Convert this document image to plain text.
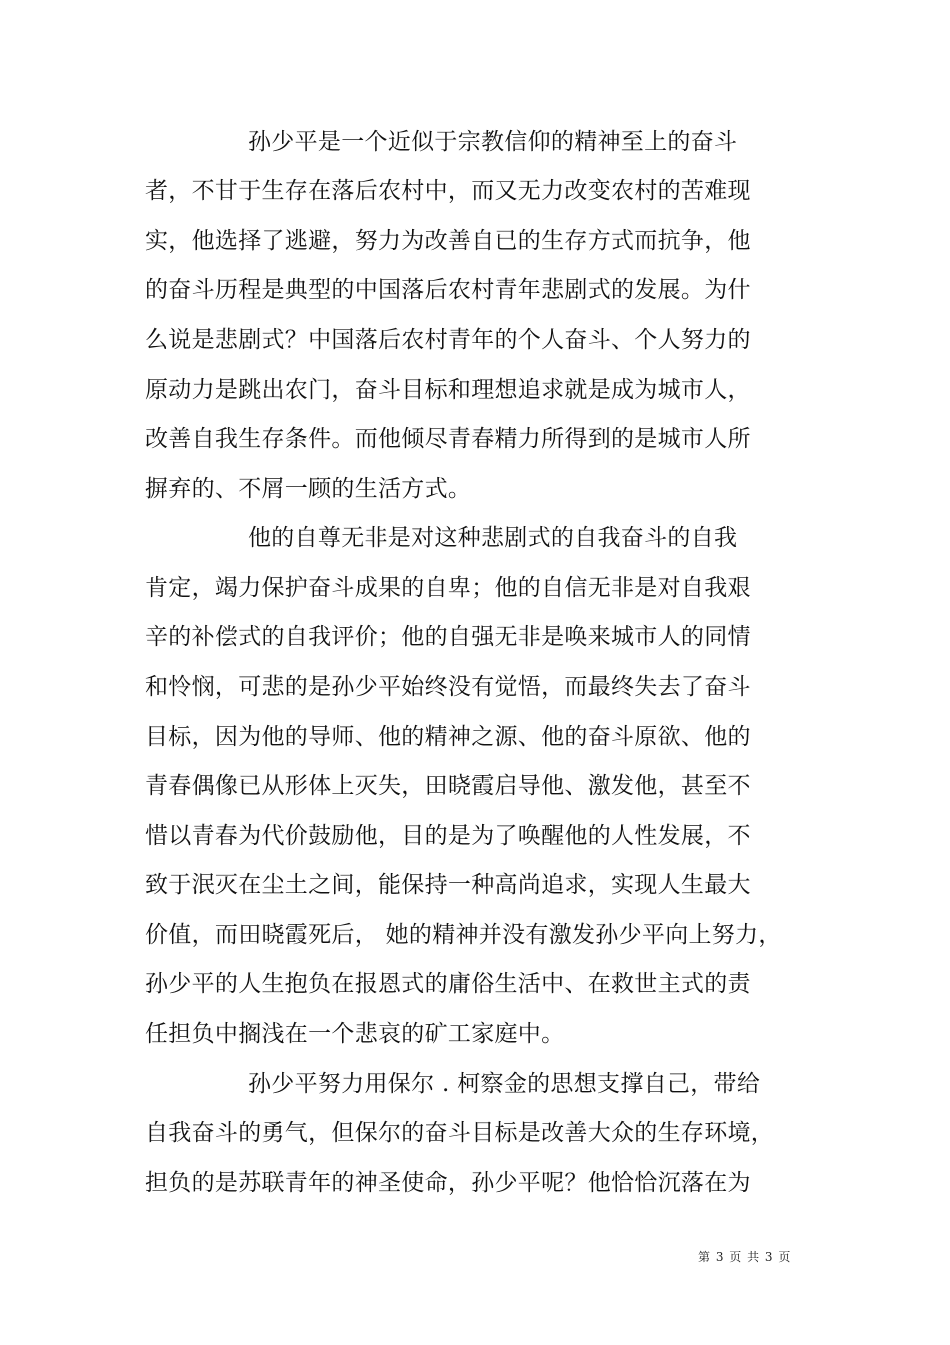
孙少平是一个近似于宗教信仰的精神至上的奋斗
者，不甘于生存在落后农村中，而又无力改变农村的苦难现
实，他选择了逃避，努力为改善自已的生存方式而抗争，他
的奋斗历程是典型的中国落后农村青年悲剧式的发展。为什
么说是悲剧式？中国落后农村青年的个人奋斗、个人努力的
原动力是跳出农门，奋斗目标和理想追求就是成为城市人，
改善自我生存条件。而他倾尽青春精力所得到的是城市人所
摒弃的、不屑一顾的生活方式。
他的自尊无非是对这种悲剧式的自我奋斗的自我
肯定，竭力保护奋斗成果的自卑；他的自信无非是对自我艰
辛的补偿式的自我评价；他的自强无非是唤来城市人的同情
和怜悯，可悲的是孙少平始终没有觉悟，而最终失去了奋斗
目标，因为他的导师、他的精神之源、他的奋斗原欲、他的
青春偶像已从形体上灭失，田晓霞启导他、激发他，甚至不
惜以青春为代价鼓励他，目的是为了唤醒他的人性发展，不
致于泯灭在尘土之间，能保持一种高尚追求，实现人生最大
价值，而田晓霞死后， 她的精神并没有激发孙少平向上努力，
孙少平的人生抱负在报恩式的庸俗生活中、在救世主式的责
任担负中搁浅在一个悲哀的矿工家庭中。
孙少平努力用保尔 . 柯察金的思想支撑自己，带给
自我奋斗的勇气，但保尔的奋斗目标是改善大众的生存环境，
担负的是苏联青年的神圣使命，孙少平呢？他恰恰沉落在为
第 3 页 共 3 页
